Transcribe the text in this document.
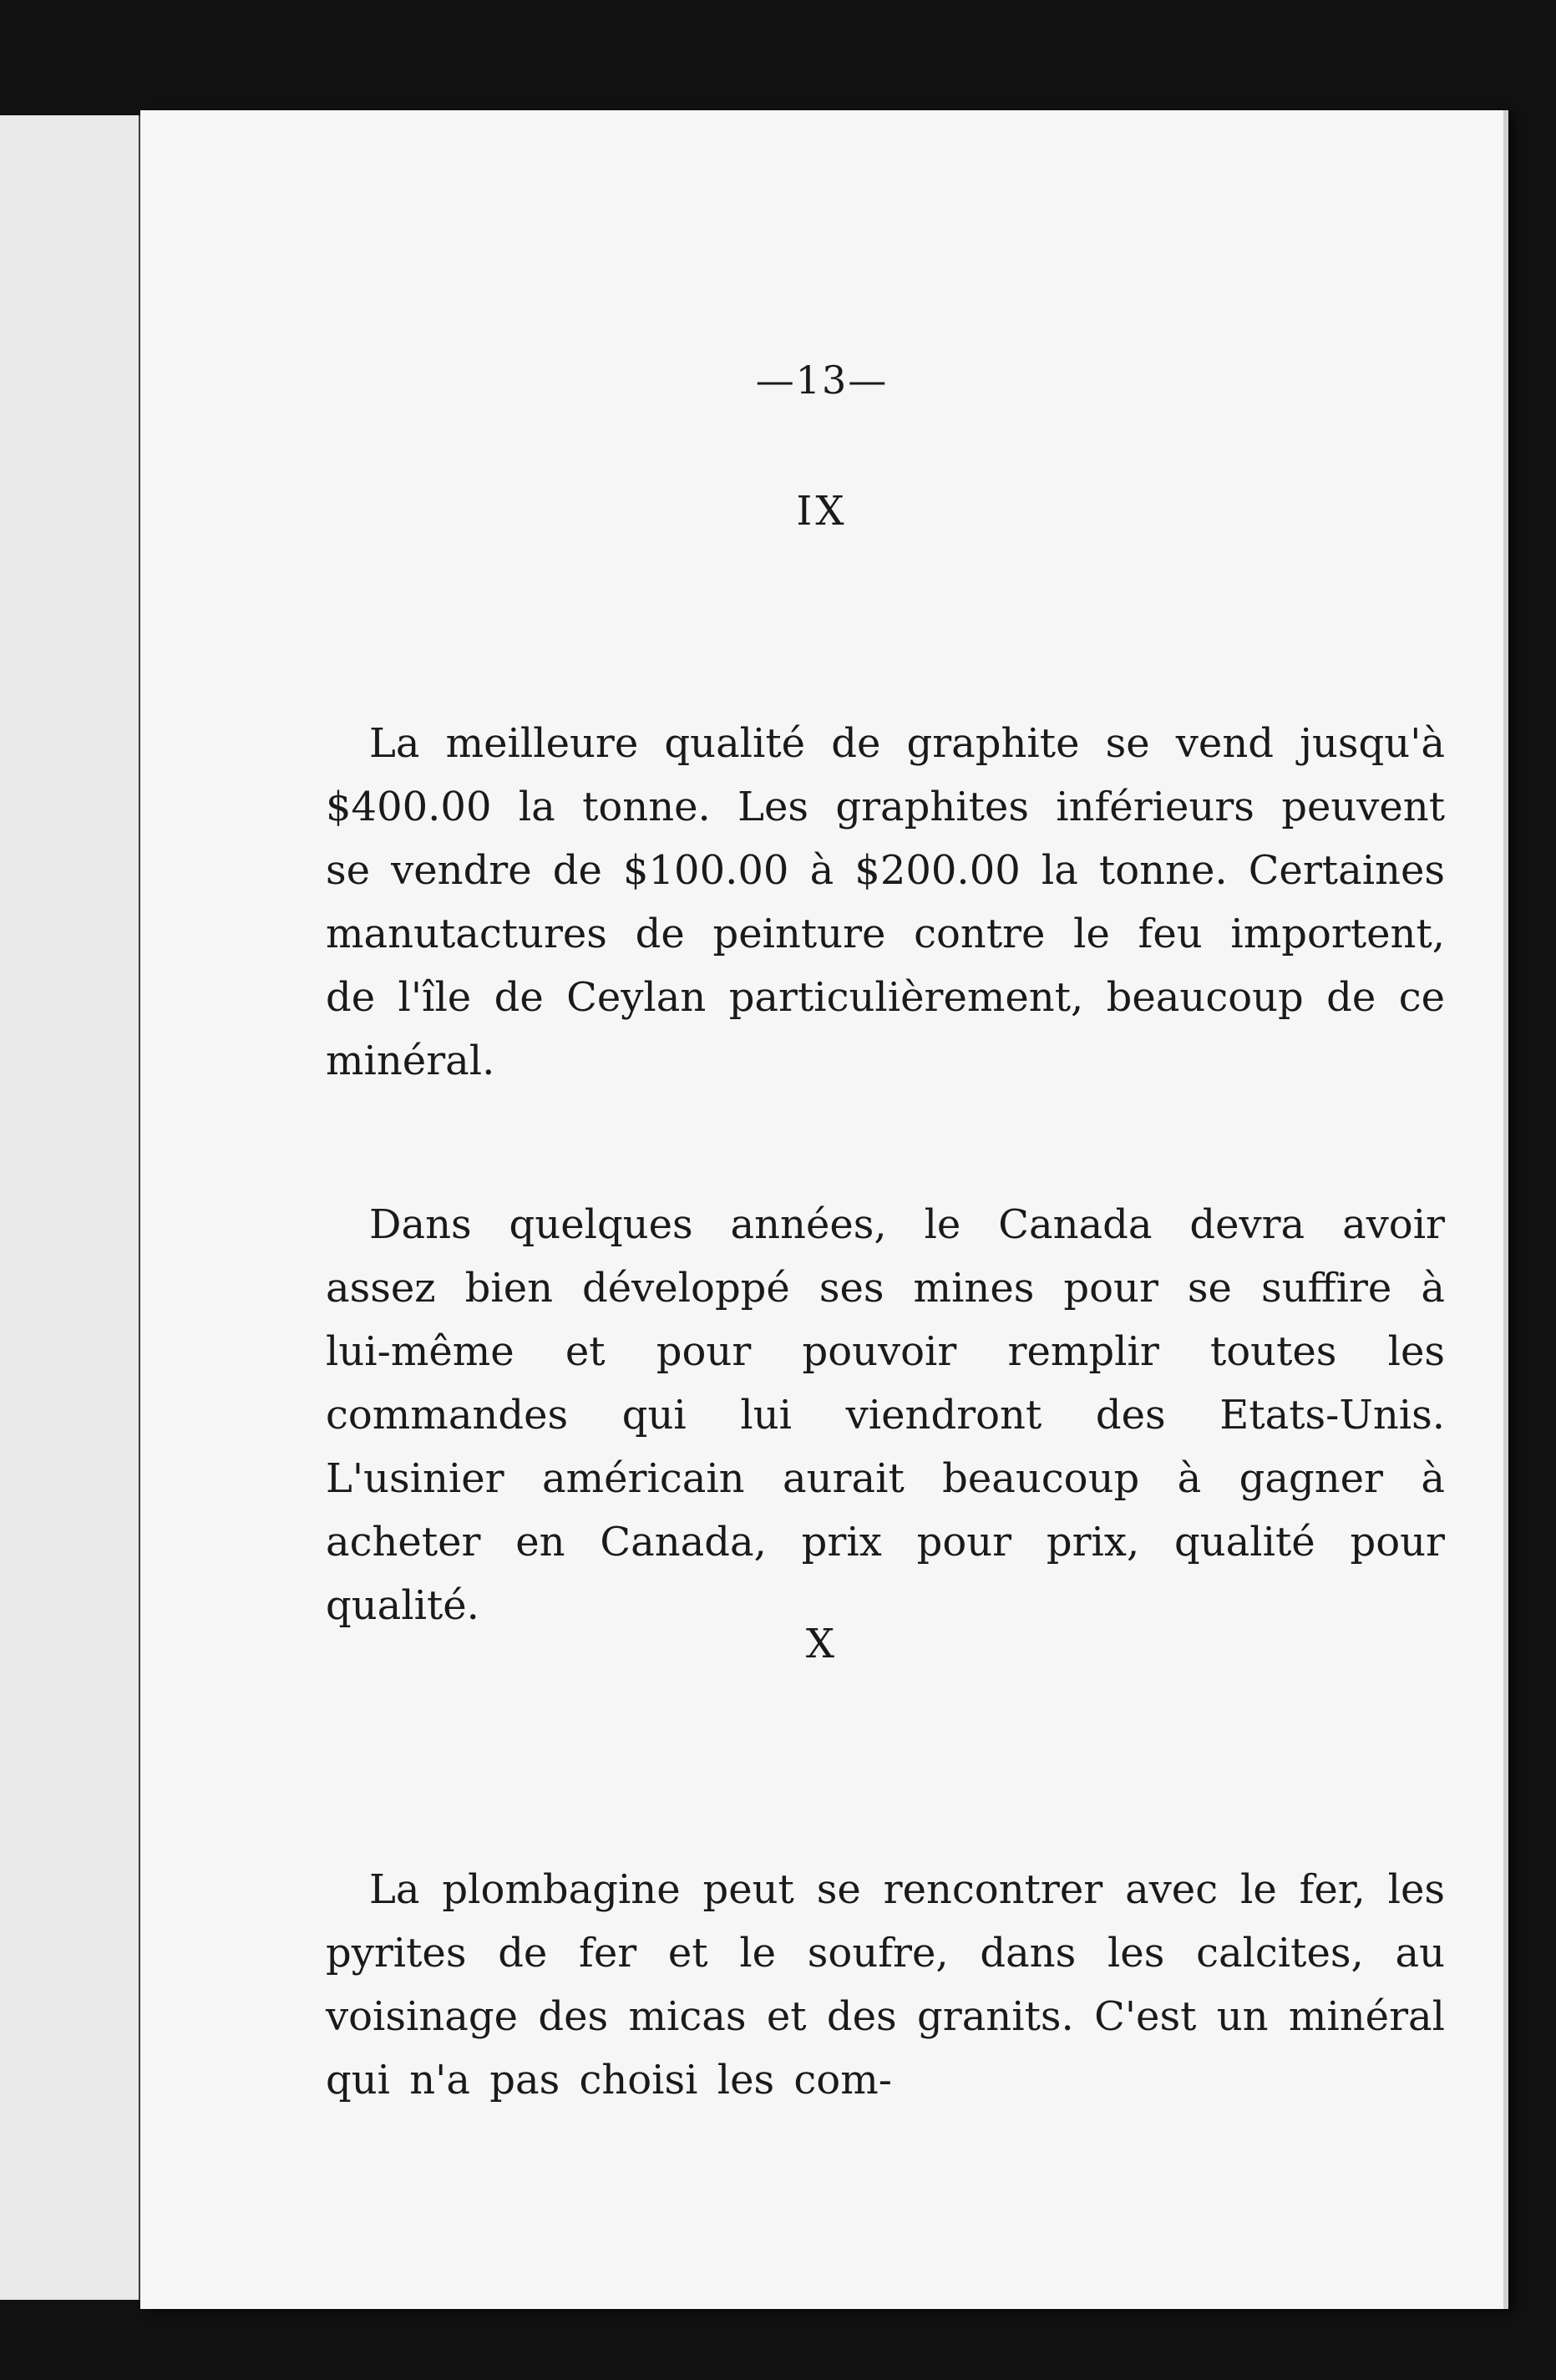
—13—
IX

La meilleure qualité de graphite se vend jusqu'à $400.00 la tonne. Les graphites inférieurs peuvent se vendre de $100.00 à $200.00 la tonne. Certaines manutactures de peinture contre le feu importent, de l'île de Ceylan particulièrement, beaucoup de ce minéral.

Dans quelques années, le Canada devra avoir assez bien développé ses mines pour se suffire à lui-même et pour pouvoir remplir toutes les commandes qui lui viendront des Etats-Unis. L'usinier américain aurait beaucoup à gagner à acheter en Canada, prix pour prix, qualité pour qualité.

X

La plombagine peut se rencontrer avec le fer, les pyrites de fer et le soufre, dans les calcites, au voisinage des micas et des granits. C'est un minéral qui n'a pas choisi les com-
